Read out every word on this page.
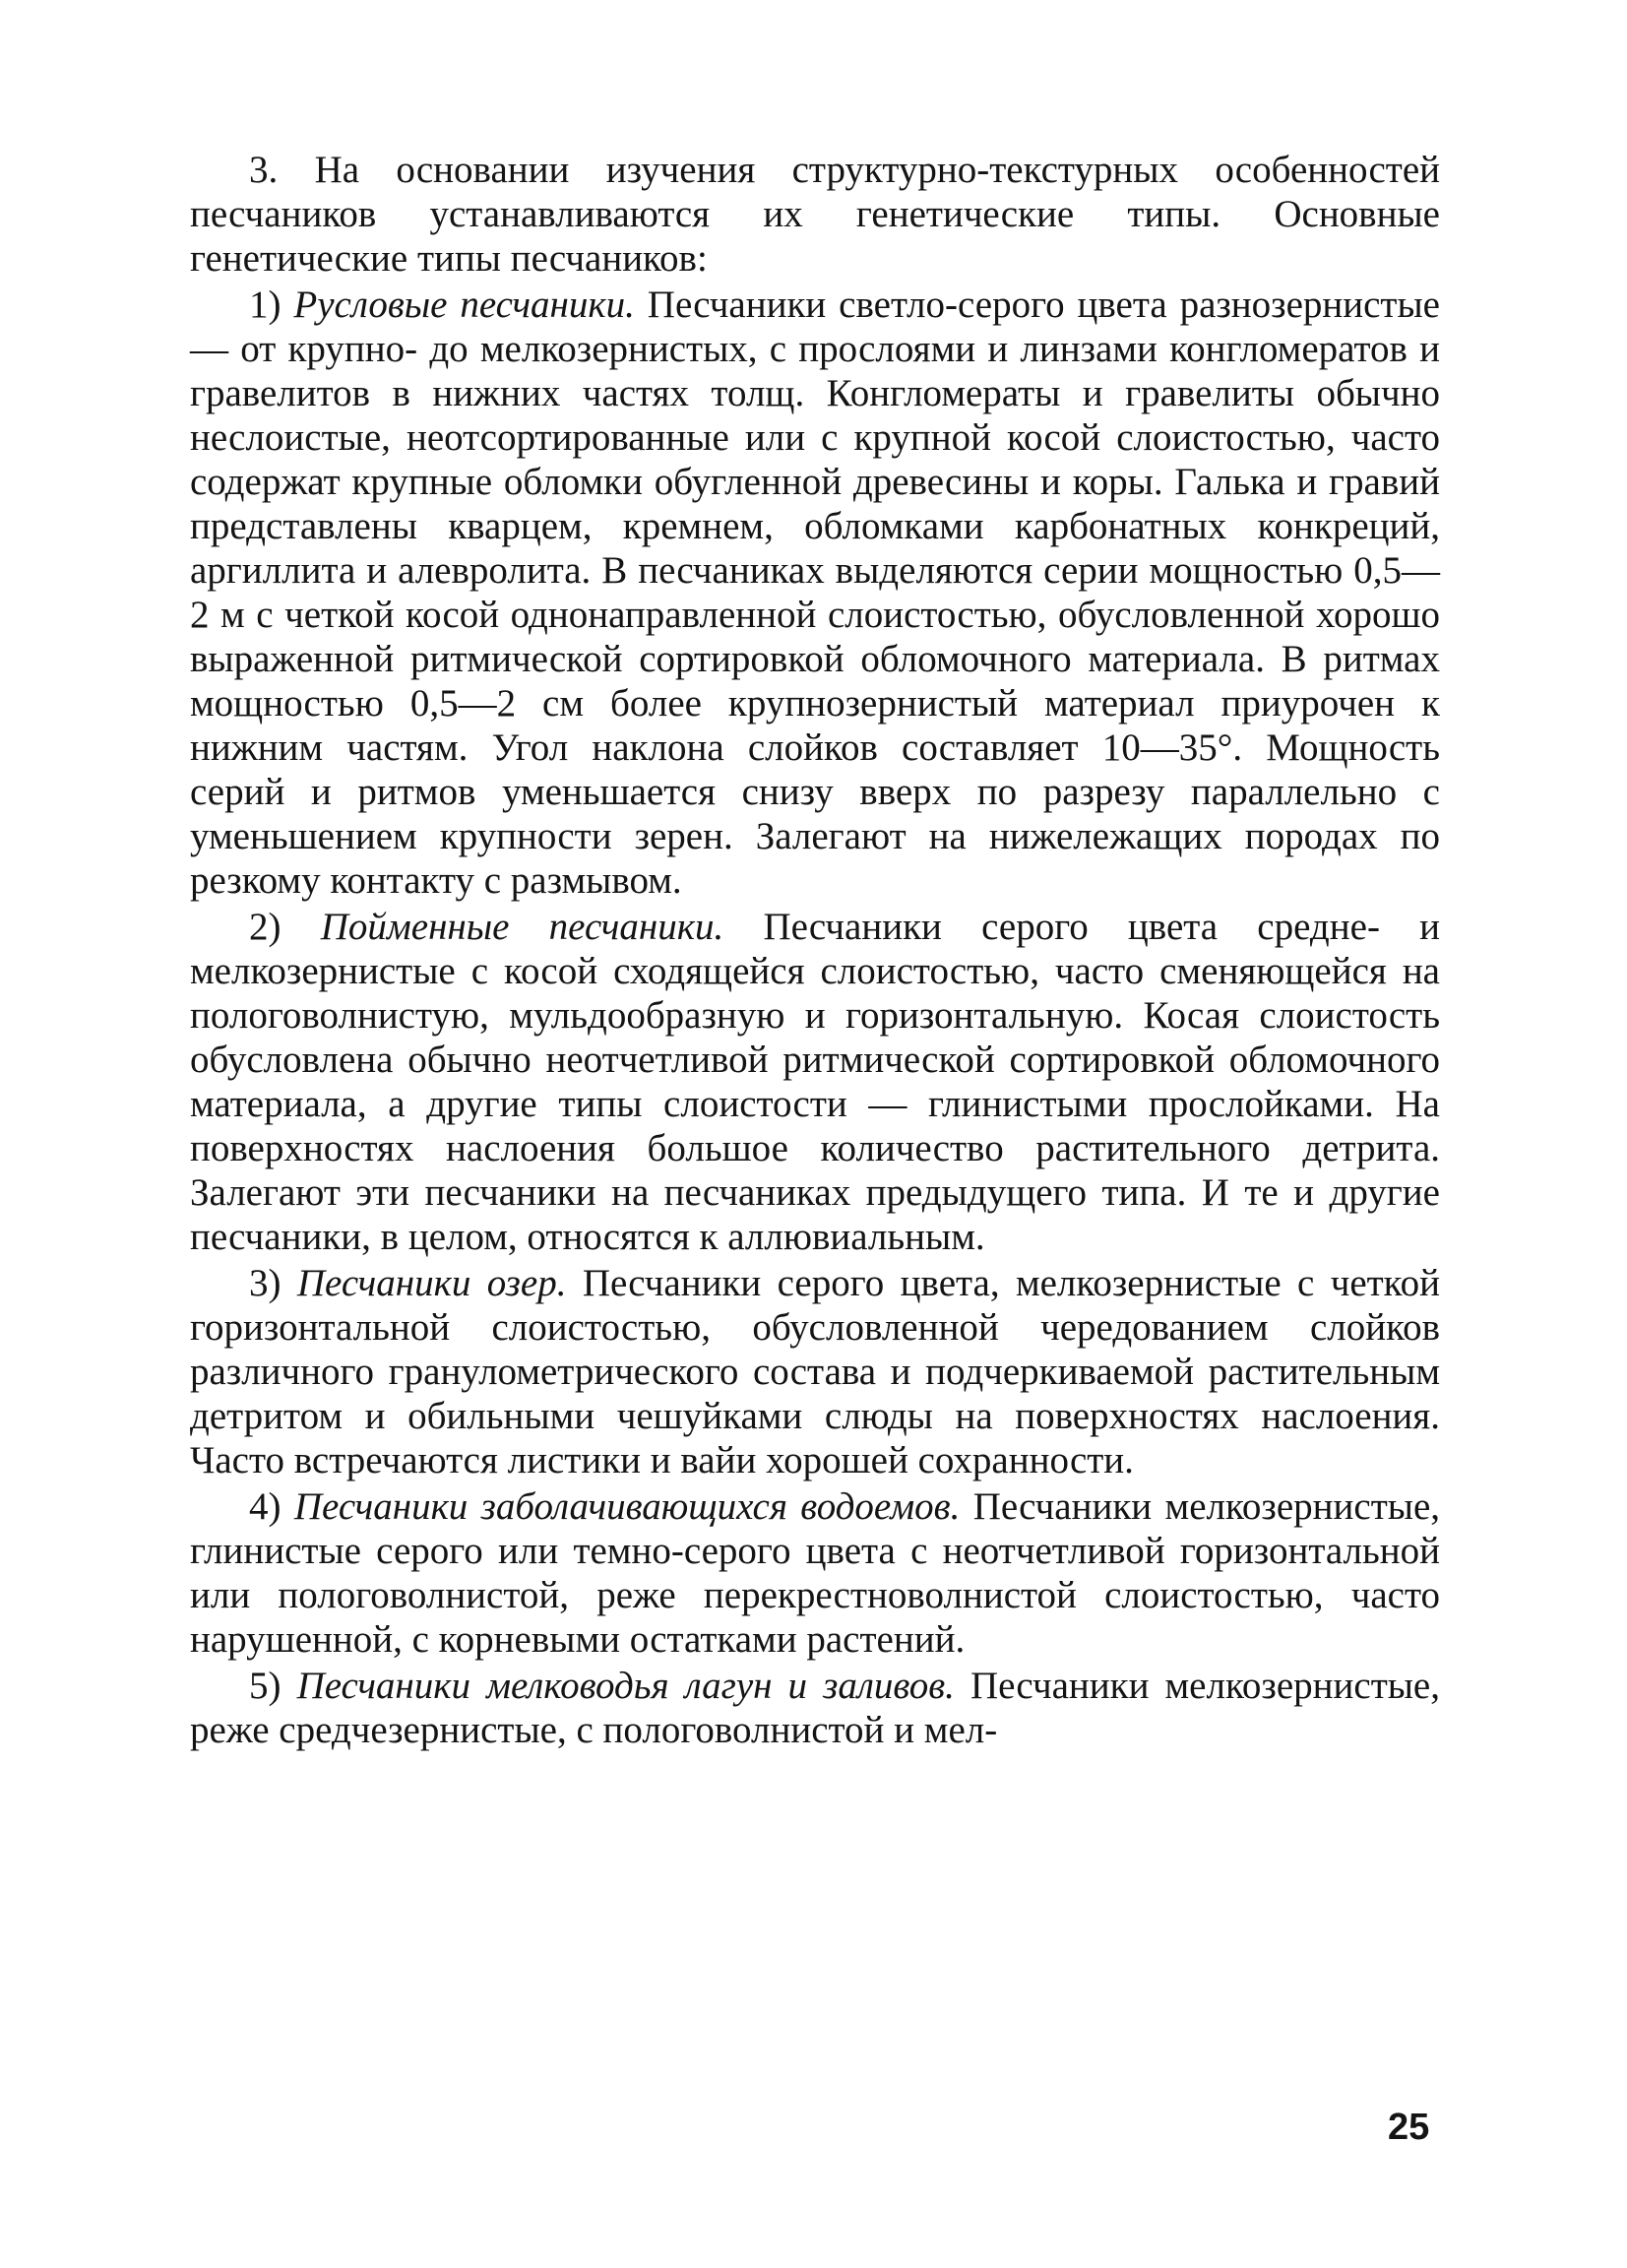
3. На основании изучения структурно-текстурных особенностей песчаников устанавливаются их генетические типы. Основные генетические типы песчаников:

1) Русловые песчаники. Песчаники светло-серого цвета разнозернистые — от крупно- до мелкозернистых, с прослоями и линзами конгломератов и гравелитов в нижних частях толщ. Конгломераты и гравелиты обычно неслоистые, неотсортированные или с крупной косой слоистостью, часто содержат крупные обломки обугленной древесины и коры. Галька и гравий представлены кварцем, кремнем, обломками карбонатных конкреций, аргиллита и алевролита. В песчаниках выделяются серии мощностью 0,5—2 м с четкой косой однонаправленной слоистостью, обусловленной хорошо выраженной ритмической сортировкой обломочного материала. В ритмах мощностью 0,5—2 см более крупнозернистый материал приурочен к нижним частям. Угол наклона слойков составляет 10—35°. Мощность серий и ритмов уменьшается снизу вверх по разрезу параллельно с уменьшением крупности зерен. Залегают на нижележащих породах по резкому контакту с размывом.

2) Пойменные песчаники. Песчаники серого цвета средне- и мелкозернистые с косой сходящейся слоистостью, часто сменяющейся на пологоволнистую, мульдообразную и горизонтальную. Косая слоистость обусловлена обычно неотчетливой ритмической сортировкой обломочного материала, а другие типы слоистости — глинистыми прослойками. На поверхностях наслоения большое количество растительного детрита. Залегают эти песчаники на песчаниках предыдущего типа. И те и другие песчаники, в целом, относятся к аллювиальным.

3) Песчаники озер. Песчаники серого цвета, мелкозернистые с четкой горизонтальной слоистостью, обусловленной чередованием слойков различного гранулометрического состава и подчеркиваемой растительным детритом и обильными чешуйками слюды на поверхностях наслоения. Часто встречаются листики и вайи хорошей сохранности.

4) Песчаники заболачивающихся водоемов. Песчаники мелкозернистые, глинистые серого или темно-серого цвета с неотчетливой горизонтальной или пологоволнистой, реже перекрестноволнистой слоистостью, часто нарушенной, с корневыми остатками растений.

5) Песчаники мелководья лагун и заливов. Песчаники мелкозернистые, реже средчезернистые, с пологоволнистой и мел-

25
